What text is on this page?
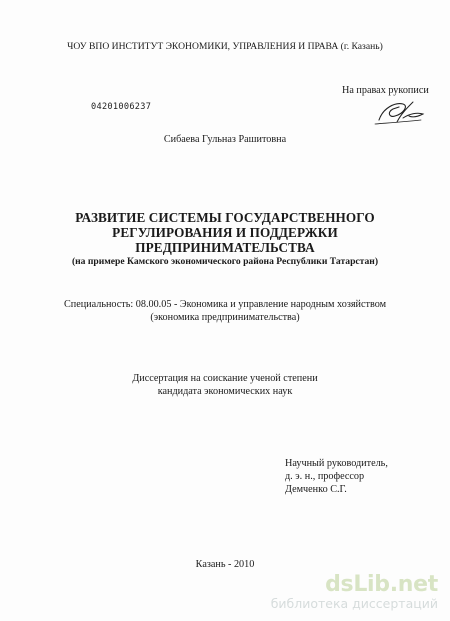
ЧОУ ВПО ИНСТИТУТ ЭКОНОМИКИ, УПРАВЛЕНИЯ И ПРАВА (г. Казань)
На правах рукописи
04201006237
Сибаева Гульназ Рашитовна
РАЗВИТИЕ СИСТЕМЫ ГОСУДАРСТВЕННОГО
РЕГУЛИРОВАНИЯ И ПОДДЕРЖКИ
ПРЕДПРИНИМАТЕЛЬСТВА
(на примере Камского экономического района Республики Татарстан)
Специальность: 08.00.05 - Экономика и управление народным хозяйством
(экономика предпринимательства)
Диссертация на соискание ученой степени
кандидата экономических наук
Научный руководитель,
д. э. н., профессор
Демченко С.Г.
Казань - 2010
dsLib.net
библиотека диссертаций
